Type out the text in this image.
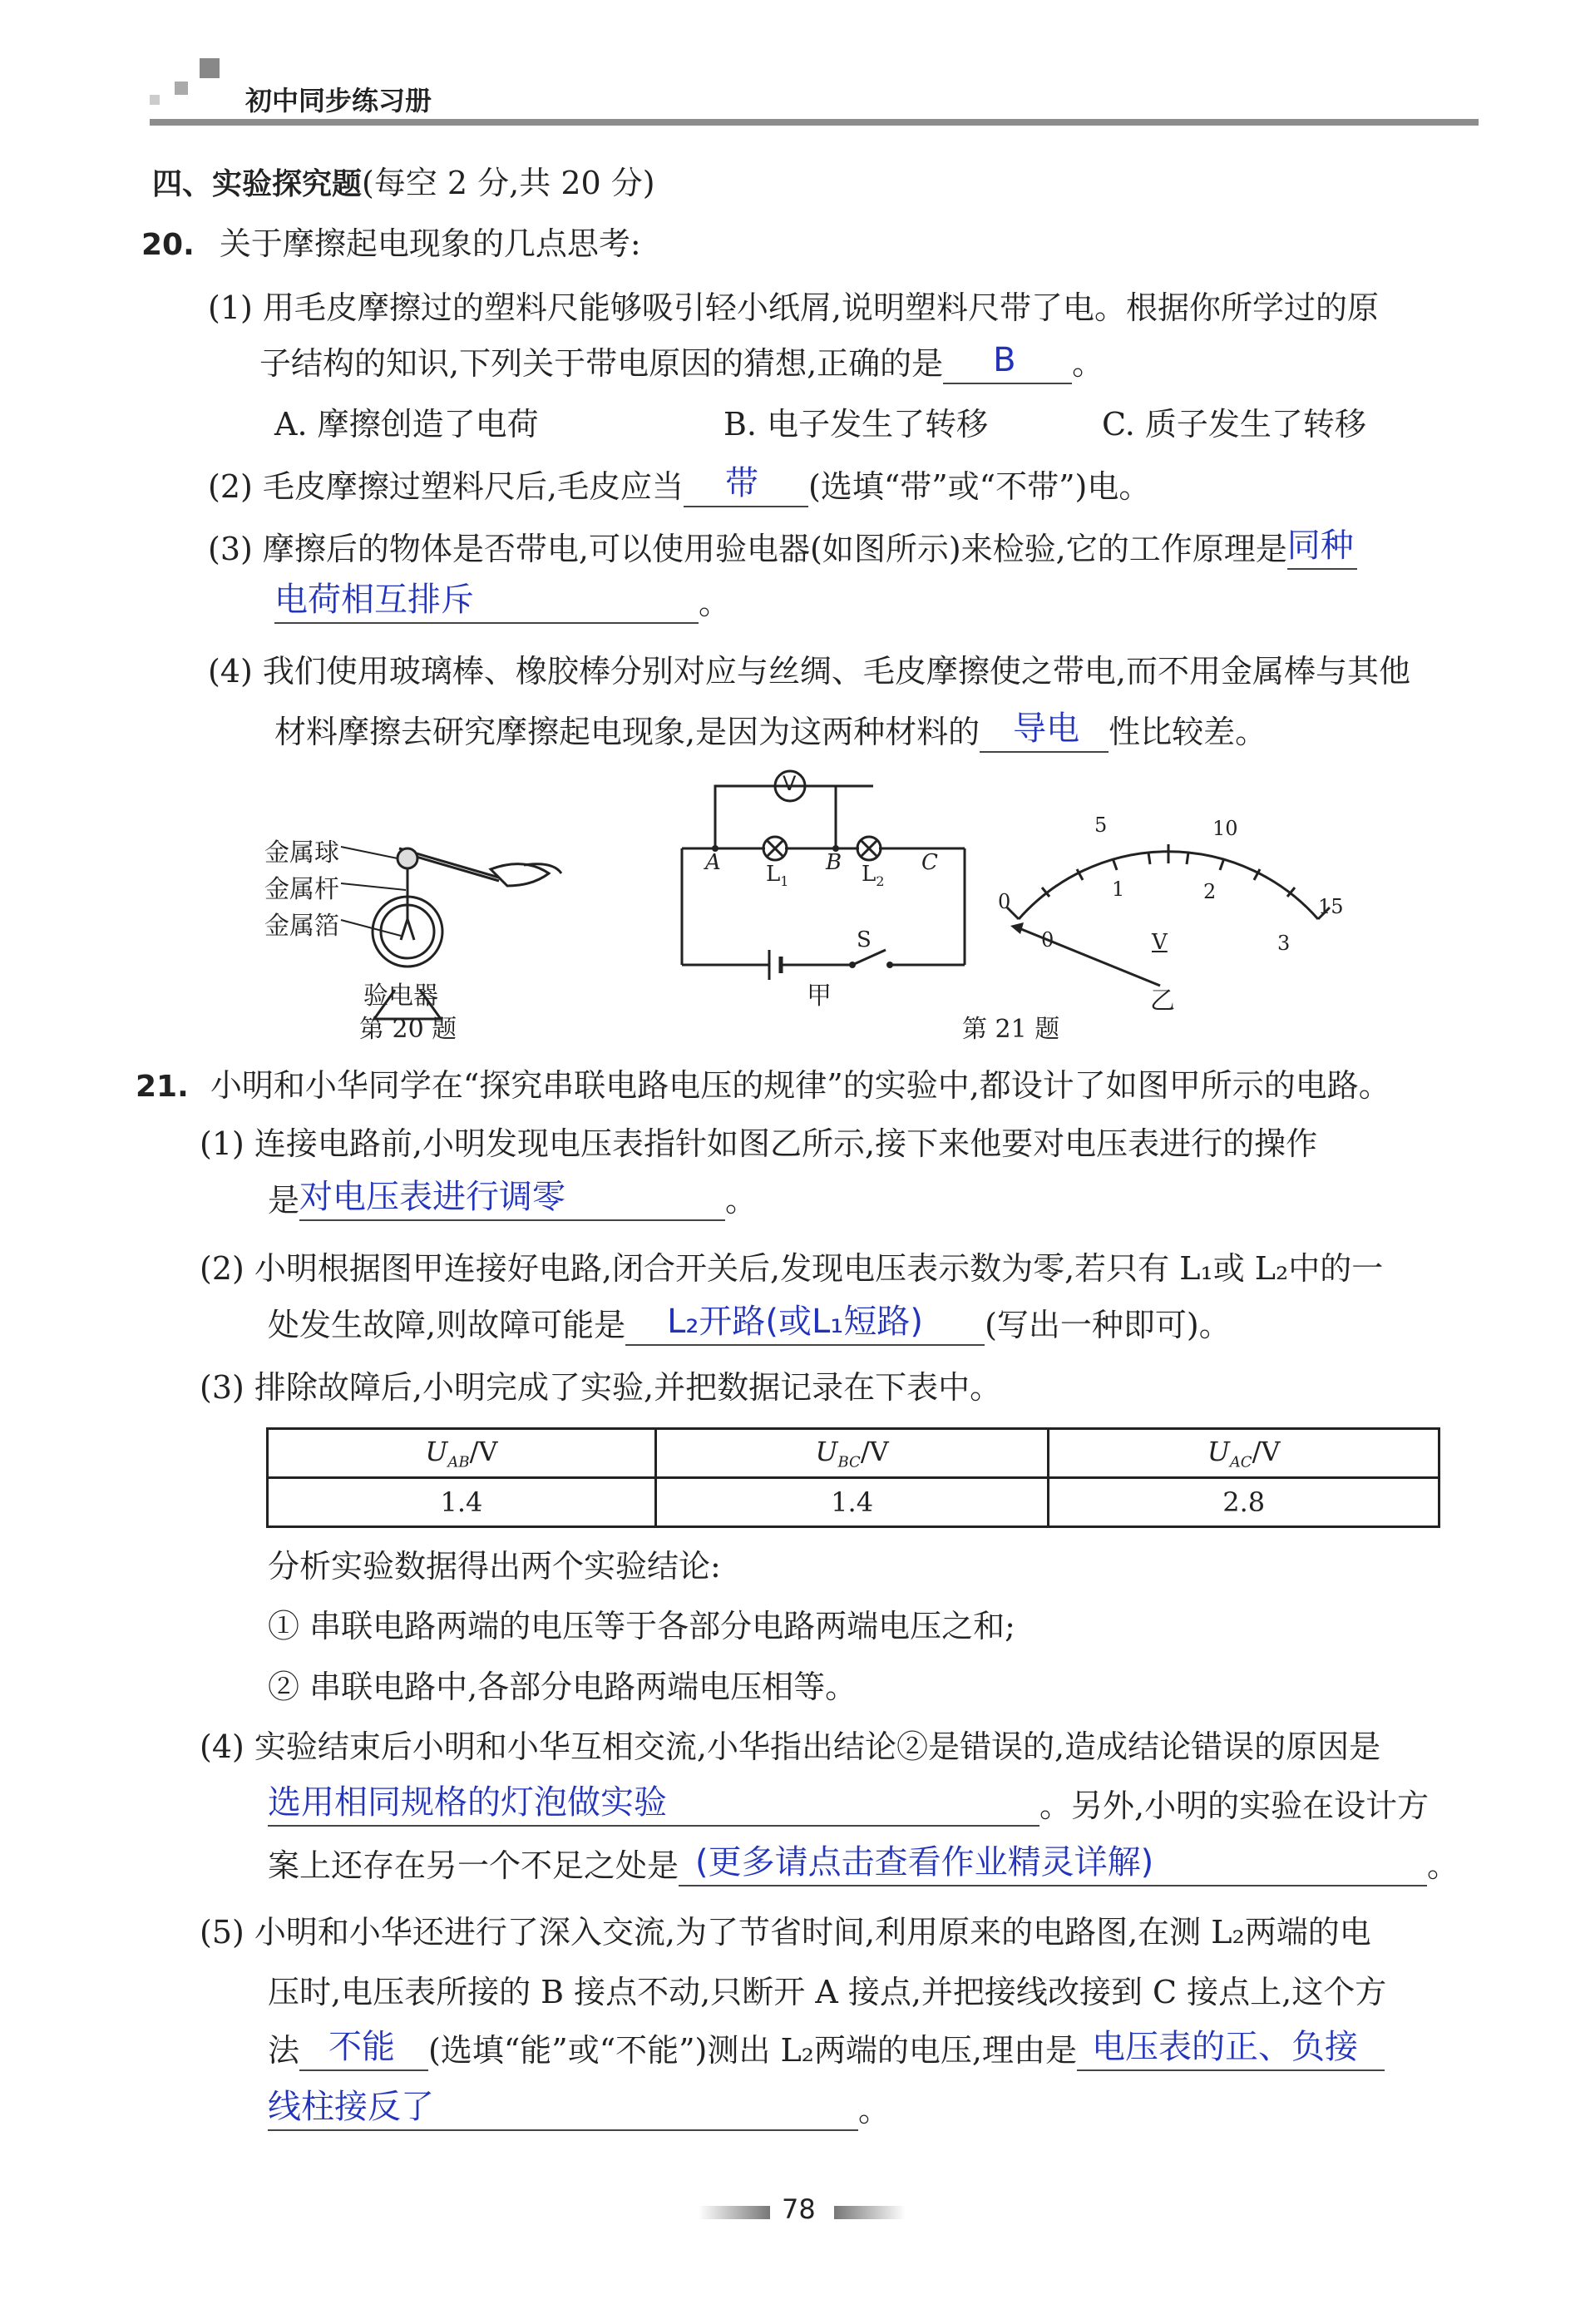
初中同步练习册
四、实验探究题(每空 2 分,共 20 分)
20. 关于摩擦起电现象的几点思考:
(1) 用毛皮摩擦过的塑料尺能够吸引轻小纸屑,说明塑料尺带了电。根据你所学过的原
子结构的知识,下列关于带电原因的猜想,正确的是 B 。
A. 摩擦创造了电荷	B. 电子发生了转移	C. 质子发生了转移
(2) 毛皮摩擦过塑料尺后,毛皮应当 带 (选填“带”或“不带”)电。
(3) 摩擦后的物体是否带电,可以使用验电器(如图所示)来检验,它的工作原理是 同种
电荷相互排斥	。
(4) 我们使用玻璃棒、橡胶棒分别对应与丝绸、毛皮摩擦使之带电,而不用金属棒与其他
材料摩擦去研究摩擦起电现象,是因为这两种材料的 导电 性比较差。
金属球
金属杆
金属箔
验电器
第 20 题
V
A	B	C
$L_1$	$L_2$
S
甲
0
5	10
15
0
1	2
3
V
乙
第 21 题
21. 小明和小华同学在“探究串联电路电压的规律”的实验中,都设计了如图甲所示的电路。
(1) 连接电路前,小明发现电压表指针如图乙所示,接下来他要对电压表进行的操作
是 对电压表进行调零	。
(2) 小明根据图甲连接好电路,闭合开关后,发现电压表示数为零,若只有 L₁或 L₂中的一
处发生故障,则故障可能是 L₂开路(或L₁短路) (写出一种即可)。
(3) 排除故障后,小明完成了实验,并把数据记录在下表中。
$U_{AB}/V$	$U_{BC}/V$	$U_{AC}/V$
1.4	1.4	2.8
分析实验数据得出两个实验结论:
① 串联电路两端的电压等于各部分电路两端电压之和;
② 串联电路中,各部分电路两端电压相等。
(4) 实验结束后小明和小华互相交流,小华指出结论②是错误的,造成结论错误的原因是
选用相同规格的灯泡做实验	。另外,小明的实验在设计方
案上还存在另一个不足之处是 (更多请点击查看作业精灵详解)	。
(5) 小明和小华还进行了深入交流,为了节省时间,利用原来的电路图,在测 L₂两端的电
压时,电压表所接的 B 接点不动,只断开 A 接点,并把接线改接到 C 接点上,这个方
法 不能 (选填“能”或“不能”)测出 L₂两端的电压,理由是 电压表的正、负接
线柱接反了	。
78
